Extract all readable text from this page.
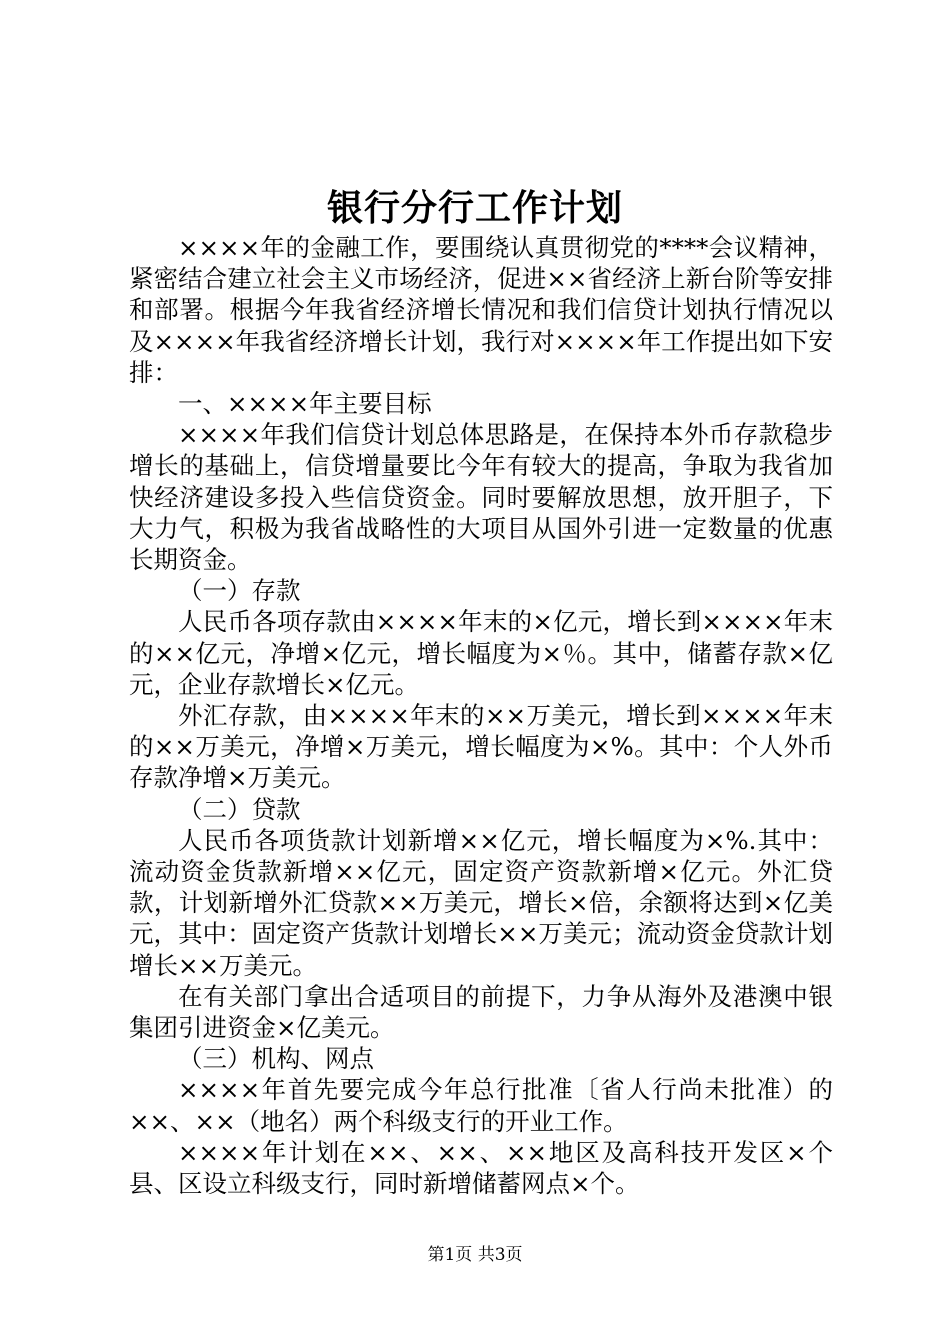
银行分行工作计划

××××年的金融工作，要围绕认真贯彻党的****会议精神，紧密结合建立社会主义市场经济，促进××省经济上新台阶等安排和部署。根据今年我省经济增长情况和我们信贷计划执行情况以及××××年我省经济增长计划，我行对××××年工作提出如下安排：

一、××××年主要目标

××××年我们信贷计划总体思路是，在保持本外币存款稳步增长的基础上，信贷增量要比今年有较大的提高，争取为我省加快经济建设多投入些信贷资金。同时要解放思想，放开胆子，下大力气，积极为我省战略性的大项目从国外引进一定数量的优惠长期资金。

（一）存款

人民币各项存款由××××年末的×亿元，增长到××××年末的××亿元，净增×亿元，增长幅度为×％。其中，储蓄存款×亿元，企业存款增长×亿元。

外汇存款，由××××年末的××万美元，增长到××××年末的××万美元，净增×万美元，增长幅度为×%。其中：个人外币存款净增×万美元。

（二）贷款

人民币各项货款计划新增××亿元，增长幅度为×%.其中：流动资金货款新增××亿元，固定资产资款新增×亿元。外汇贷款，计划新增外汇贷款××万美元，增长×倍，余额将达到×亿美元，其中：固定资产货款计划增长××万美元；流动资金贷款计划增长××万美元。

在有关部门拿出合适项目的前提下，力争从海外及港澳中银集团引进资金×亿美元。

（三）机构、网点

××××年首先要完成今年总行批准〔省人行尚未批准）的××、××（地名）两个科级支行的开业工作。

××××年计划在××、××、××地区及高科技开发区×个县、区设立科级支行，同时新增储蓄网点×个。

第1页 共3页
